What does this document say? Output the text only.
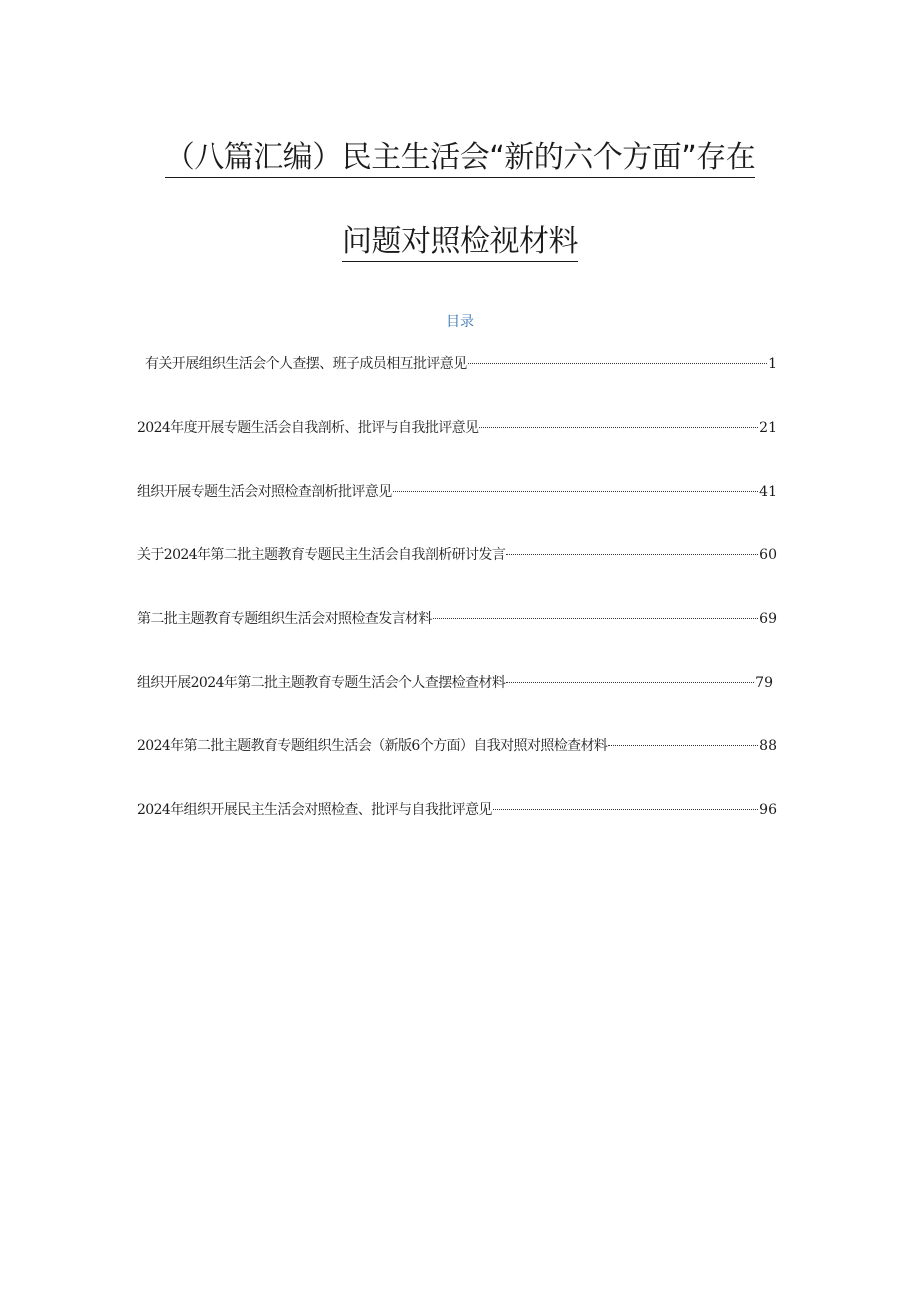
（八篇汇编）民主生活会“新的六个方面”存在
问题对照检视材料
目录
有关开展组织生活会个人查摆、班子成员相互批评意见	1
2024年度开展专题生活会自我剖析、批评与自我批评意见	21
组织开展专题生活会对照检查剖析批评意见	41
关于2024年第二批主题教育专题民主生活会自我剖析研讨发言	60
第二批主题教育专题组织生活会对照检查发言材料	69
组织开展2024年第二批主题教育专题生活会个人查摆检查材料	79
2024年第二批主题教育专题组织生活会（新版6个方面）自我对照对照检查材料	88
2024年组织开展民主生活会对照检查、批评与自我批评意见	96
